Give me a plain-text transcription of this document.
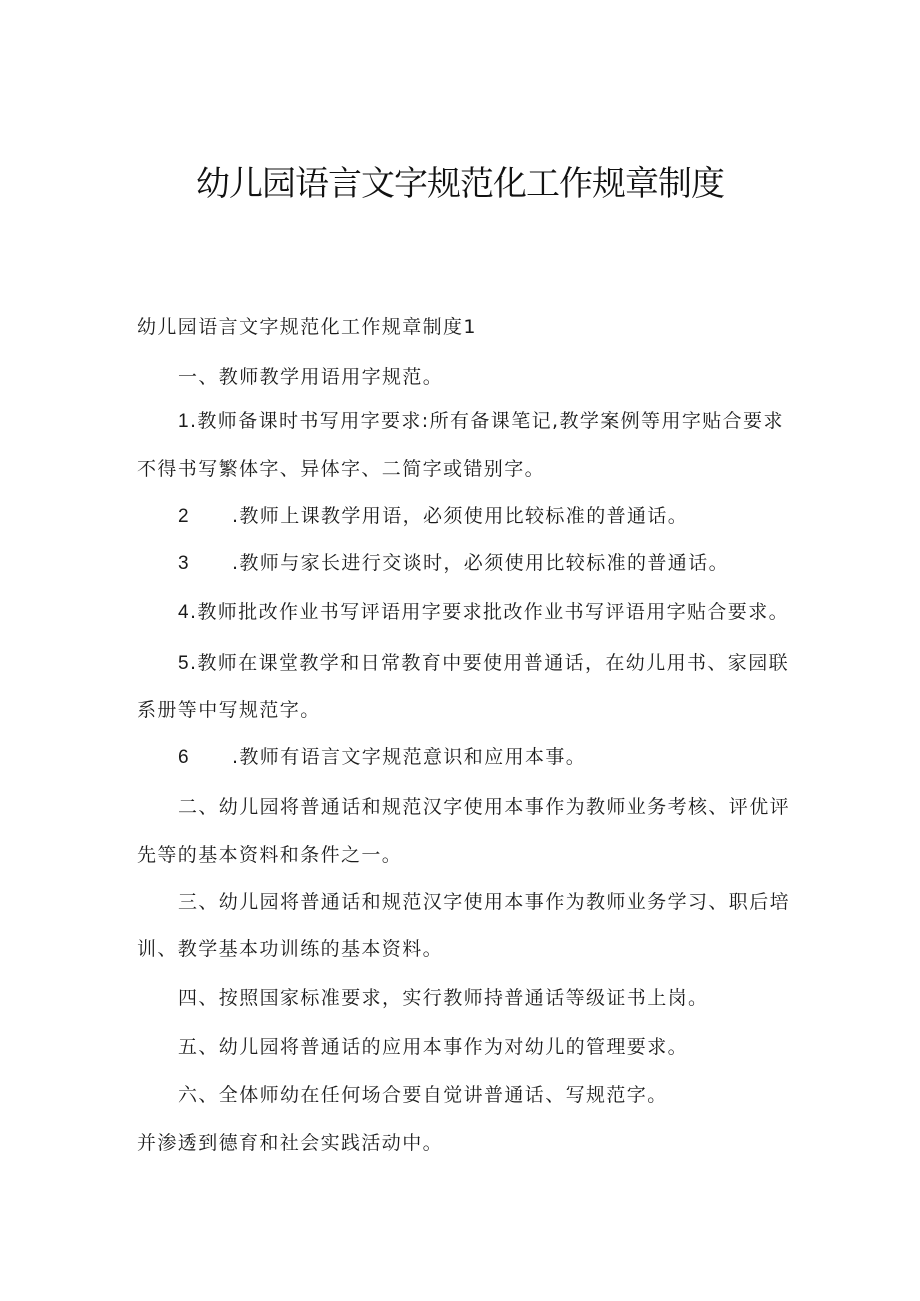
幼儿园语言文字规范化工作规章制度
幼儿园语言文字规范化工作规章制度1
一、教师教学用语用字规范。
1.教师备课时书写用字要求:所有备课笔记,教学案例等用字贴合要求
不得书写繁体字、异体字、二简字或错别字。
2 .教师上课教学用语，必须使用比较标准的普通话。
3 .教师与家长进行交谈时，必须使用比较标准的普通话。
4.教师批改作业书写评语用字要求批改作业书写评语用字贴合要求。
5.教师在课堂教学和日常教育中要使用普通话，在幼儿用书、家园联
系册等中写规范字。
6 .教师有语言文字规范意识和应用本事。
二、幼儿园将普通话和规范汉字使用本事作为教师业务考核、评优评
先等的基本资料和条件之一。
三、幼儿园将普通话和规范汉字使用本事作为教师业务学习、职后培
训、教学基本功训练的基本资料。
四、按照国家标准要求，实行教师持普通话等级证书上岗。
五、幼儿园将普通话的应用本事作为对幼儿的管理要求。
六、全体师幼在任何场合要自觉讲普通话、写规范字。
并渗透到德育和社会实践活动中。
